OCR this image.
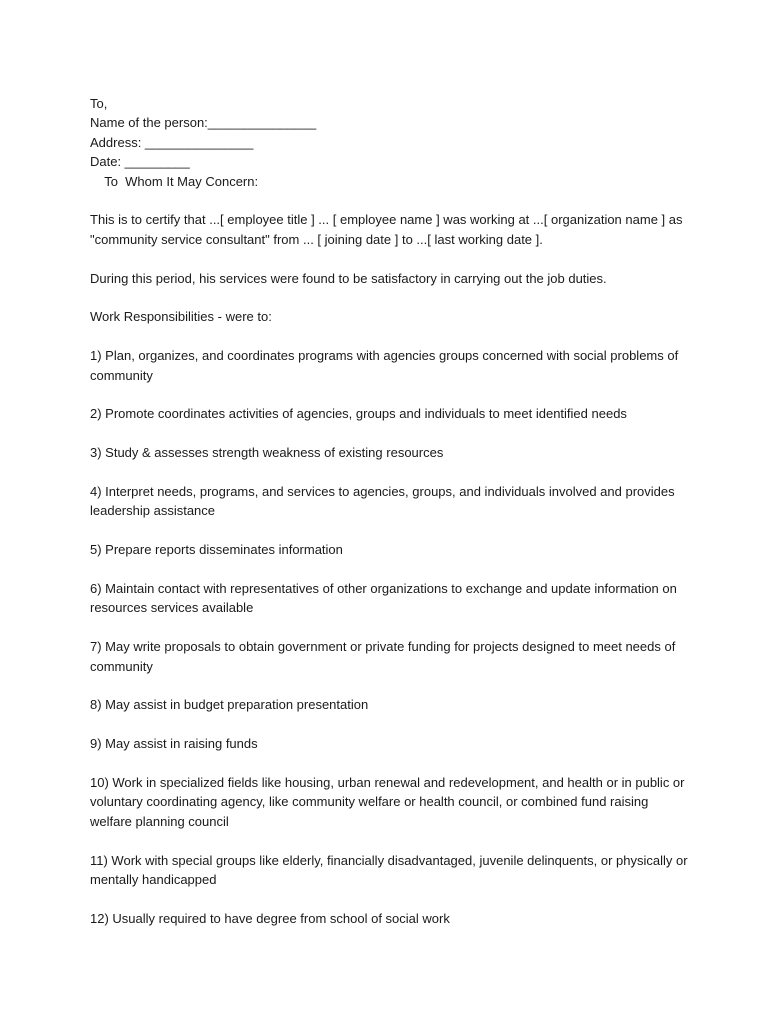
To,
Name of the person:_______________
Address: _______________
Date: _________
To  Whom It May Concern:

This is to certify that ...[ employee title ] ... [ employee name ] was working at ...[ organization name ] as "community service consultant" from ... [ joining date ] to ...[ last working date ].

During this period, his services were found to be satisfactory in carrying out the job duties.

Work Responsibilities - were to:

1) Plan, organizes, and coordinates programs with agencies groups concerned with social problems of community
2) Promote coordinates activities of agencies, groups and individuals to meet identified needs
3) Study & assesses strength weakness of existing resources
4) Interpret needs, programs, and services to agencies, groups, and individuals involved and provides leadership assistance
5) Prepare reports disseminates information
6) Maintain contact with representatives of other organizations to exchange and update information on resources services available
7) May write proposals to obtain government or private funding for projects designed to meet needs of community
8) May assist in budget preparation presentation
9) May assist in raising funds
10) Work in specialized fields like housing, urban renewal and redevelopment, and health or in public or voluntary coordinating agency, like community welfare or health council, or combined fund raising welfare planning council
11) Work with special groups like elderly, financially disadvantaged, juvenile delinquents, or physically or mentally handicapped
12) Usually required to have degree from school of social work
